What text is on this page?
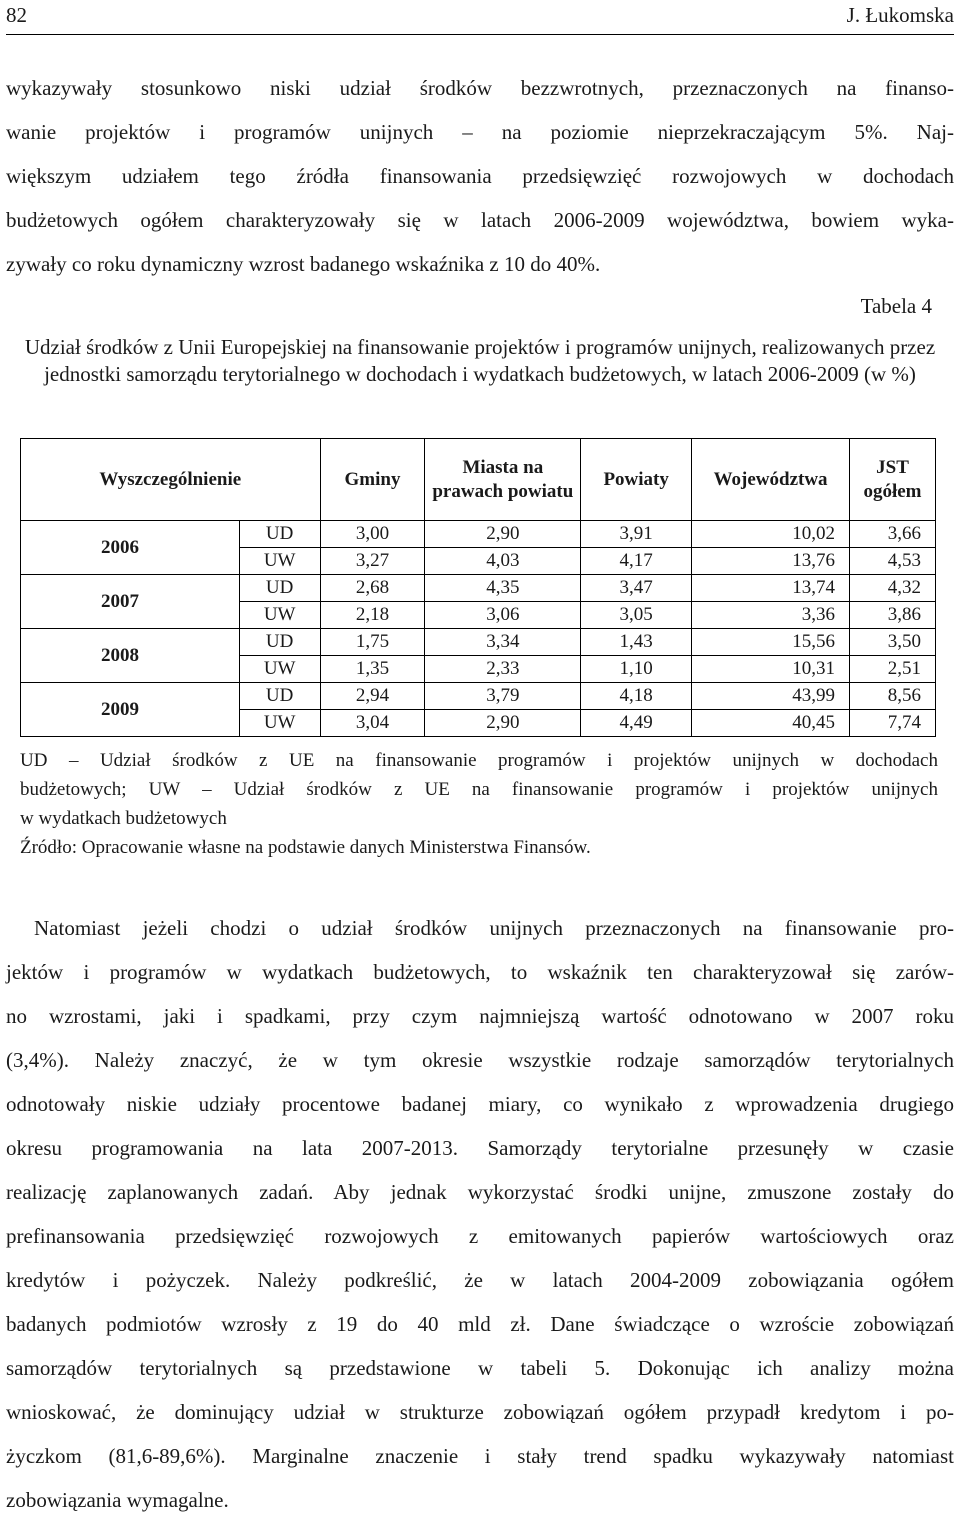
82	J. Łukomska

wykazywały stosunkowo niski udział środków bezzwrotnych, przeznaczonych na finanso-
wanie projektów i programów unijnych – na poziomie nieprzekraczającym 5%. Naj-
większym udziałem tego źródła finansowania przedsięwzięć rozwojowych w dochodach
budżetowych ogółem charakteryzowały się w latach 2006-2009 województwa, bowiem wyka-
zywały co roku dynamiczny wzrost badanego wskaźnika z 10 do 40%.

Tabela 4

Udział środków z Unii Europejskiej na finansowanie projektów i programów unijnych, realizowanych przez jednostki samorządu terytorialnego w dochodach i wydatkach budżetowych, w latach 2006-2009 (w %)

Wyszczególnienie		Gminy	Miasta na prawach powiatu	Powiaty	Województwa	JST ogółem
2006	UD	3,00	2,90	3,91	10,02	3,66
	UW	3,27	4,03	4,17	13,76	4,53
2007	UD	2,68	4,35	3,47	13,74	4,32
	UW	2,18	3,06	3,05	3,36	3,86
2008	UD	1,75	3,34	1,43	15,56	3,50
	UW	1,35	2,33	1,10	10,31	2,51
2009	UD	2,94	3,79	4,18	43,99	8,56
	UW	3,04	2,90	4,49	40,45	7,74

UD – Udział środków z UE na finansowanie programów i projektów unijnych w dochodach
budżetowych; UW – Udział środków z UE na finansowanie programów i projektów unijnych
w wydatkach budżetowych
Źródło: Opracowanie własne na podstawie danych Ministerstwa Finansów.

Natomiast jeżeli chodzi o udział środków unijnych przeznaczonych na finansowanie pro-
jektów i programów w wydatkach budżetowych, to wskaźnik ten charakteryzował się zarów-
no wzrostami, jaki i spadkami, przy czym najmniejszą wartość odnotowano w 2007 roku
(3,4%). Należy znaczyć, że w tym okresie wszystkie rodzaje samorządów terytorialnych
odnotowały niskie udziały procentowe badanej miary, co wynikało z wprowadzenia drugiego
okresu programowania na lata 2007-2013. Samorządy terytorialne przesunęły w czasie
realizację zaplanowanych zadań. Aby jednak wykorzystać środki unijne, zmuszone zostały do
prefinansowania przedsięwzięć rozwojowych z emitowanych papierów wartościowych oraz
kredytów i pożyczek. Należy podkreślić, że w latach 2004-2009 zobowiązania ogółem
badanych podmiotów wzrosły z 19 do 40 mld zł. Dane świadczące o wzroście zobowiązań
samorządów terytorialnych są przedstawione w tabeli 5. Dokonując ich analizy można
wnioskować, że dominujący udział w strukturze zobowiązań ogółem przypadł kredytom i po-
życzkom (81,6-89,6%). Marginalne znaczenie i stały trend spadku wykazywały natomiast
zobowiązania wymagalne.
